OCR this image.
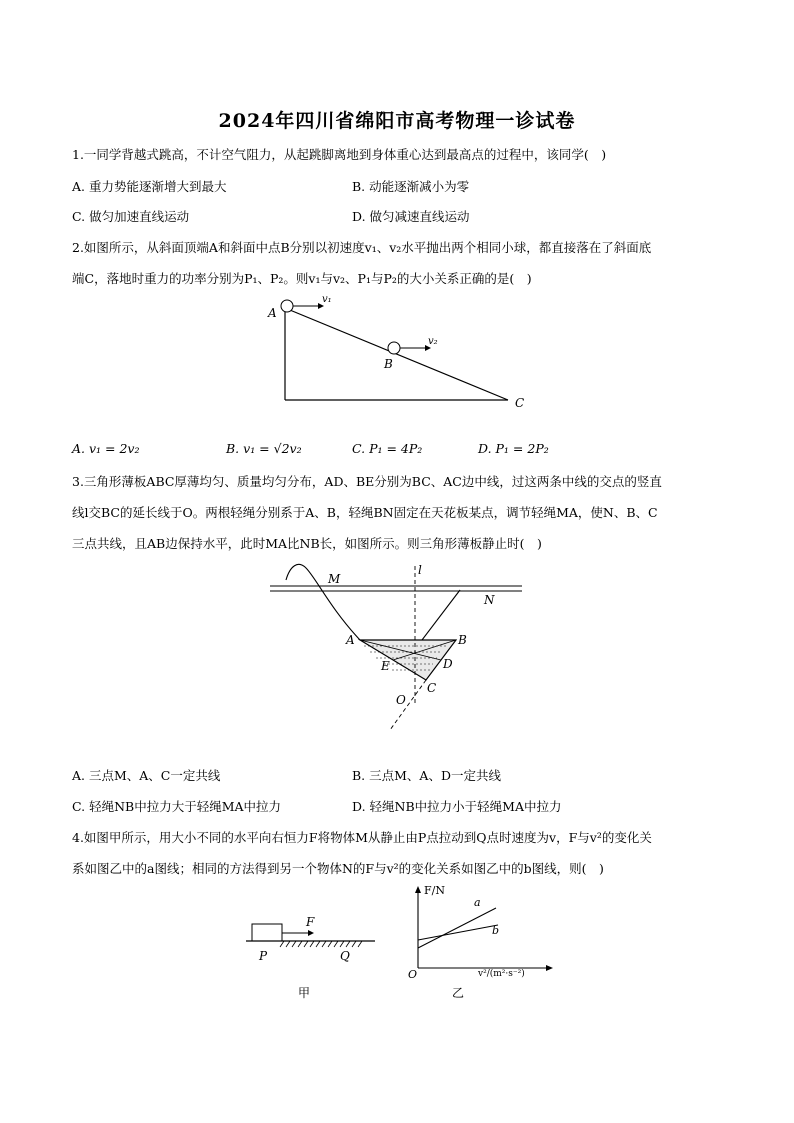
2024年四川省绵阳市高考物理一诊试卷
1.一同学背越式跳高，不计空气阻力，从起跳脚离地到身体重心达到最高点的过程中，该同学(　)
A. 重力势能逐渐增大到最大	B. 动能逐渐减小为零
C. 做匀加速直线运动	D. 做匀减速直线运动
2.如图所示，从斜面顶端A和斜面中点B分别以初速度v₁、v₂水平抛出两个相同小球，都直接落在了斜面底
端C，落地时重力的功率分别为P₁、P₂。则v₁与v₂、P₁与P₂的大小关系正确的是(　)
A
B
C
v₁
v₂
A. v₁ = 2v₂	B. v₁ = √2v₂	C. P₁ = 4P₂	D. P₁ = 2P₂
3.三角形薄板ABC厚薄均匀、质量均匀分布，AD、BE分别为BC、AC边中线，过这两条中线的交点的竖直
线l交BC的延长线于O。两根轻绳分别系于A、B，轻绳BN固定在天花板某点，调节轻绳MA，使N、B、C
三点共线，且AB边保持水平，此时MA比NB长，如图所示。则三角形薄板静止时(　)
M
N
l
A	B
E	D
C
O
A. 三点M、A、C一定共线	B. 三点M、A、D一定共线
C. 轻绳NB中拉力大于轻绳MA中拉力	D. 轻绳NB中拉力小于轻绳MA中拉力
4.如图甲所示，用大小不同的水平向右恒力F将物体M从静止由P点拉动到Q点时速度为v，F与v²的变化关
系如图乙中的a图线；相同的方法得到另一个物体N的F与v²的变化关系如图乙中的b图线，则(　)
F
P	Q
甲
F/N
v²/(m²·s⁻²)
O
a
b
乙
